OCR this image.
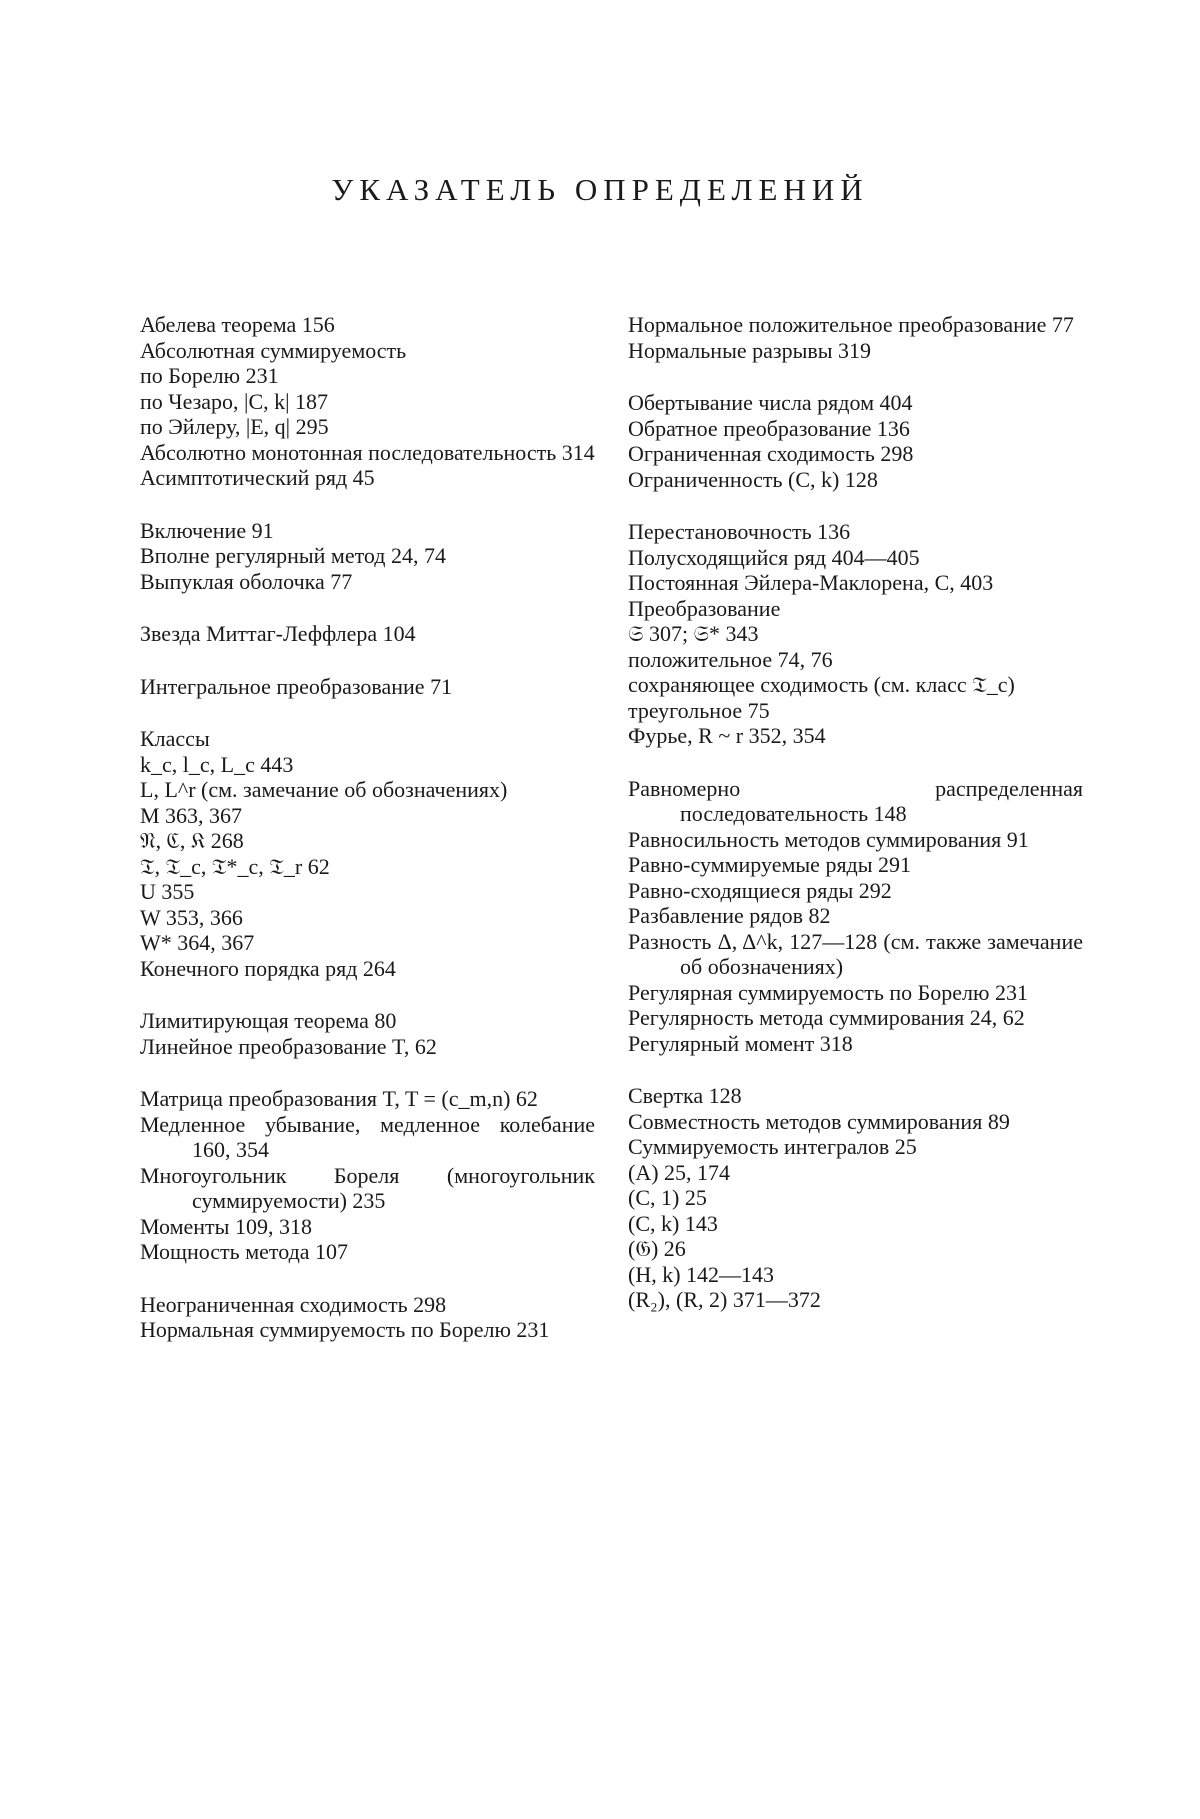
УКАЗАТЕЛЬ ОПРЕДЕЛЕНИЙ
Абелева теорема 156
Абсолютная суммируемость
по Борелю 231
по Чезаро, |C, k| 187
по Эйлеру, |E, q| 295
Абсолютно монотонная последовательность 314
Асимптотический ряд 45
Включение 91
Вполне регулярный метод 24, 74
Выпуклая оболочка 77
Звезда Миттаг-Леффлера 104
Интегральное преобразование 71
Классы
k_c, l_c, L_c 443
L, L^r (см. замечание об обозначениях)
M 363, 367
𝔑, ℭ, 𝔎 268
𝔗, 𝔗_c, 𝔗*_c, 𝔗_r 62
U 355
W 353, 366
W* 364, 367
Конечного порядка ряд 264
Лимитирующая теорема 80
Линейное преобразование T, 62
Матрица преобразования T, T = (c_m,n) 62
Медленное убывание, медленное колебание 160, 354
Многоугольник Бореля (многоугольник суммируемости) 235
Моменты 109, 318
Мощность метода 107
Неограниченная сходимость 298
Нормальная суммируемость по Борелю 231
Нормальное положительное преобразование 77
Нормальные разрывы 319
Обертывание числа рядом 404
Обратное преобразование 136
Ограниченная сходимость 298
Ограниченность (C, k) 128
Перестановочность 136
Полусходящийся ряд 404—405
Постоянная Эйлера-Маклорена, C, 403
Преобразование
𝔖 307; 𝔖* 343
положительное 74, 76
сохраняющее сходимость (см. класс 𝔗_c)
треугольное 75
Фурье, R ~ r 352, 354
Равномерно распределенная последовательность 148
Равносильность методов суммирования 91
Равно-суммируемые ряды 291
Равно-сходящиеся ряды 292
Разбавление рядов 82
Разность Δ, Δ^k, 127—128 (см. также замечание об обозначениях)
Регулярная суммируемость по Борелю 231
Регулярность метода суммирования 24, 62
Регулярный момент 318
Свертка 128
Совместность методов суммирования 89
Суммируемость интегралов 25
(A) 25, 174
(C, 1) 25
(C, k) 143
(𝔊) 26
(H, k) 142—143
(R₂), (R, 2) 371—372
